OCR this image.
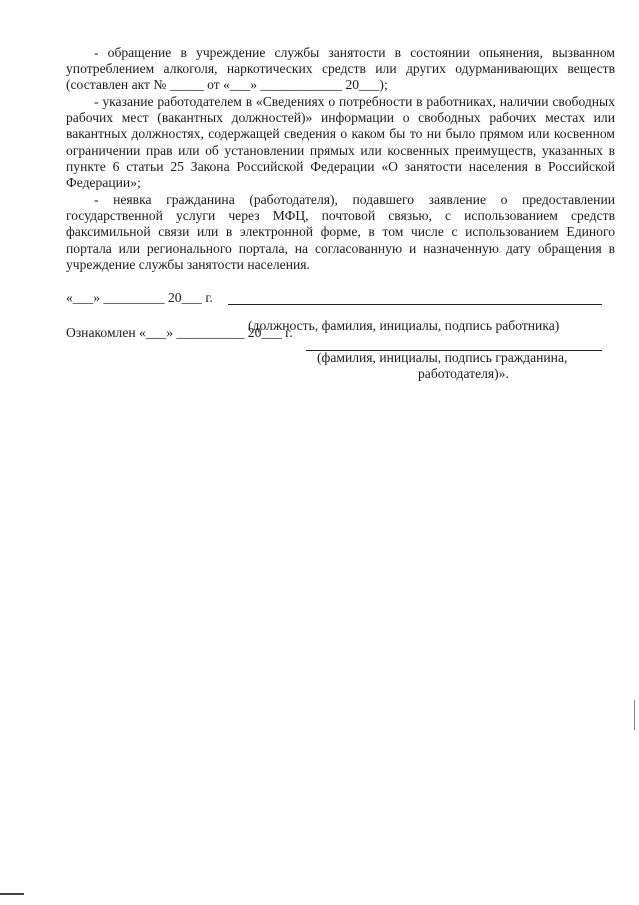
- обращение в учреждение службы занятости в состоянии опьянения, вызванном употреблением алкоголя, наркотических средств или других одурманивающих веществ (составлен акт № _____ от «___» ____________ 20___);

- указание работодателем в «Сведениях о потребности в работниках, наличии свободных рабочих мест (вакантных должностей)» информации о свободных рабочих местах или вакантных должностях, содержащей сведения о каком бы то ни было прямом или косвенном ограничении прав или об установлении прямых или косвенных преимуществ, указанных в пункте 6 статьи 25 Закона Российской Федерации «О занятости населения в Российской Федерации»;

- неявка гражданина (работодателя), подавшего заявление о предоставлении государственной услуги через МФЦ, почтовой связью, с использованием средств факсимильной связи или в электронной форме, в том числе с использованием Единого портала или регионального портала, на согласованную и назначенную дату обращения в учреждение службы занятости населения.

«___» _________ 20___ г.
(должность, фамилия, инициалы, подпись работника)
Ознакомлен «___» __________ 20___ г.
(фамилия, инициалы, подпись гражданина,
работодателя)».
